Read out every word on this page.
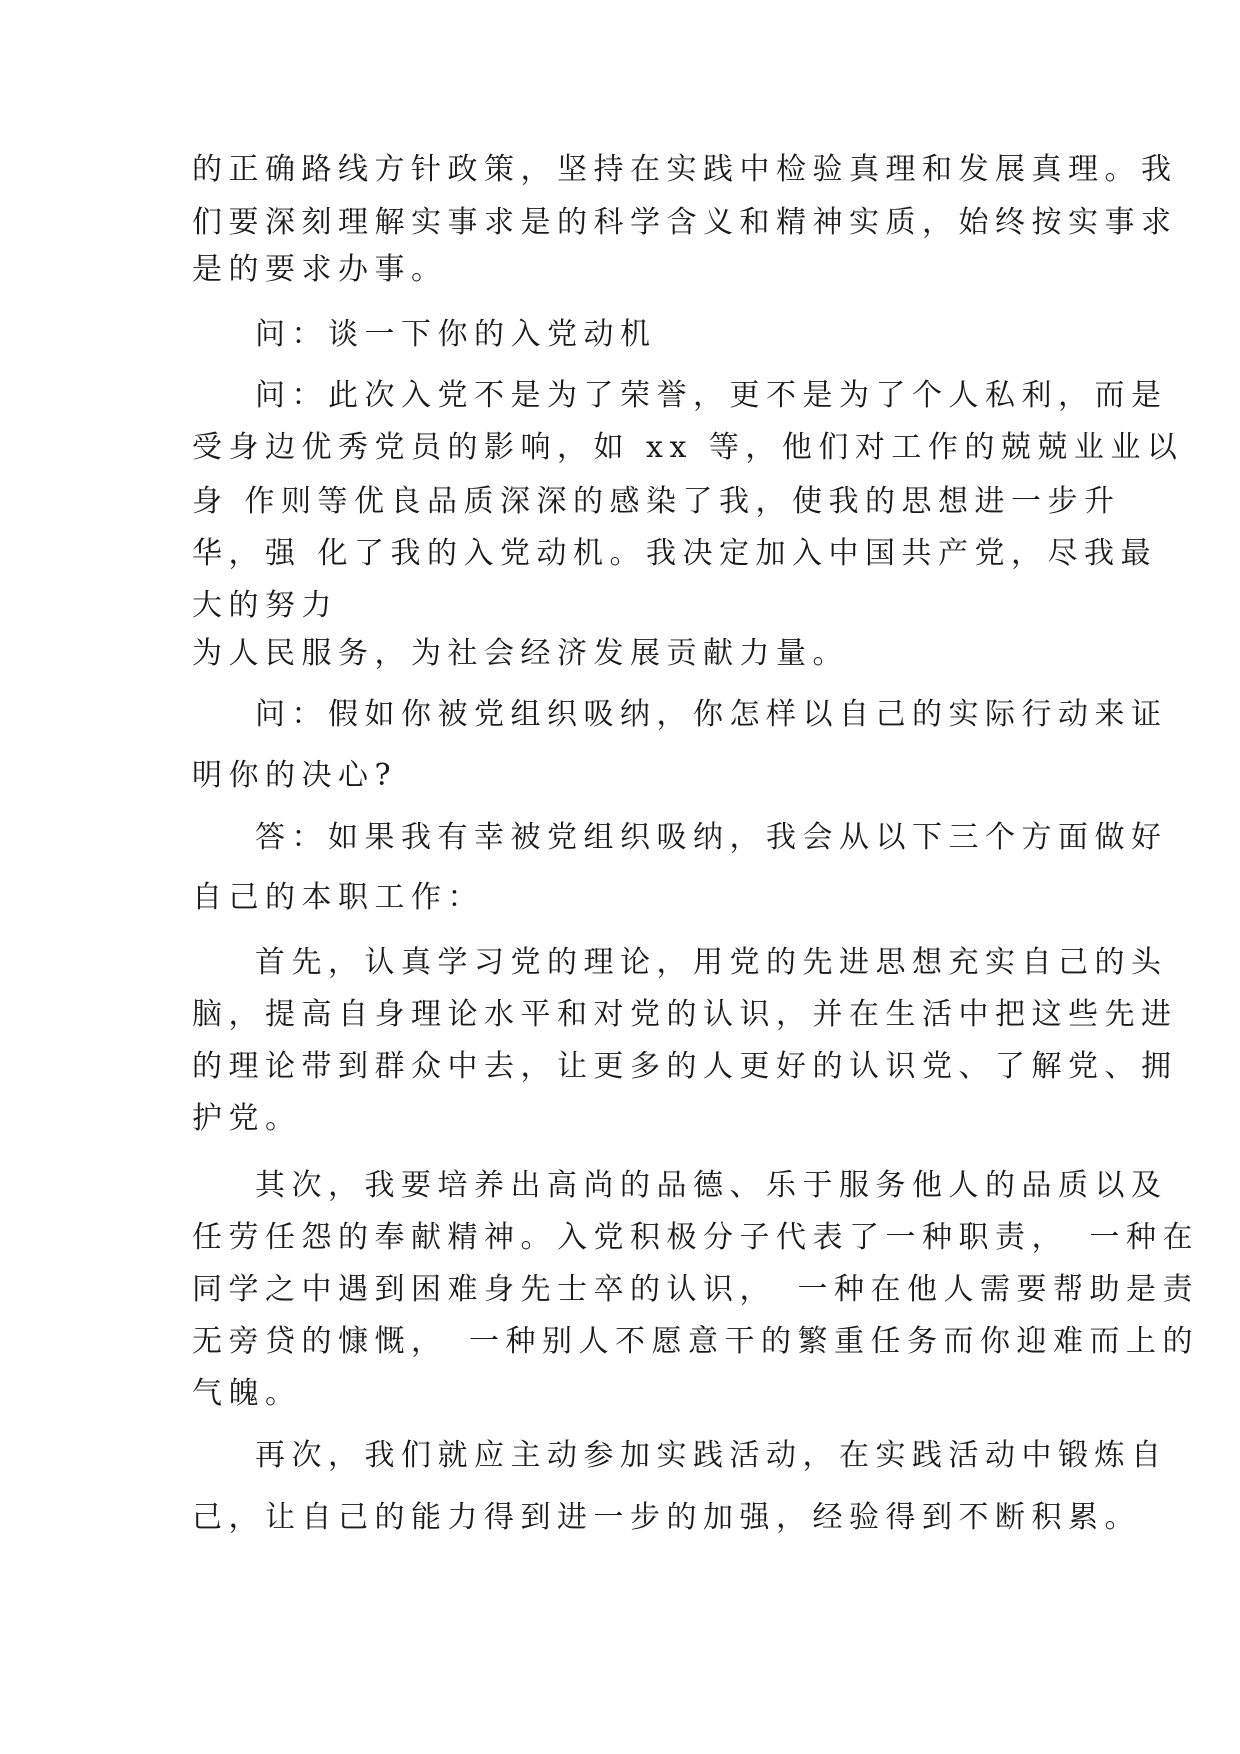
的正确路线方针政策，坚持在实践中检验真理和发展真理。我
们要深刻理解实事求是的科学含义和精神实质，始终按实事求
是的要求办事。
问：谈一下你的入党动机
问：此次入党不是为了荣誉，更不是为了个人私利，而是
受身边优秀党员的影响，如 xx 等，他们对工作的兢兢业业以
身 作则等优良品质深深的感染了我，使我的思想进一步升
华，强 化了我的入党动机。我决定加入中国共产党，尽我最
大的努力
为人民服务，为社会经济发展贡献力量。
问：假如你被党组织吸纳，你怎样以自己的实际行动来证
明你的决心?
答：如果我有幸被党组织吸纳，我会从以下三个方面做好
自己的本职工作：
首先，认真学习党的理论，用党的先进思想充实自己的头
脑，提高自身理论水平和对党的认识，并在生活中把这些先进
的理论带到群众中去，让更多的人更好的认识党、了解党、拥
护党。
其次，我要培养出高尚的品德、乐于服务他人的品质以及
任劳任怨的奉献精神。入党积极分子代表了一种职责，　一种在
同学之中遇到困难身先士卒的认识，　一种在他人需要帮助是责
无旁贷的慷慨，　一种别人不愿意干的繁重任务而你迎难而上的
气魄。
再次，我们就应主动参加实践活动，在实践活动中锻炼自
己，让自己的能力得到进一步的加强，经验得到不断积累。
